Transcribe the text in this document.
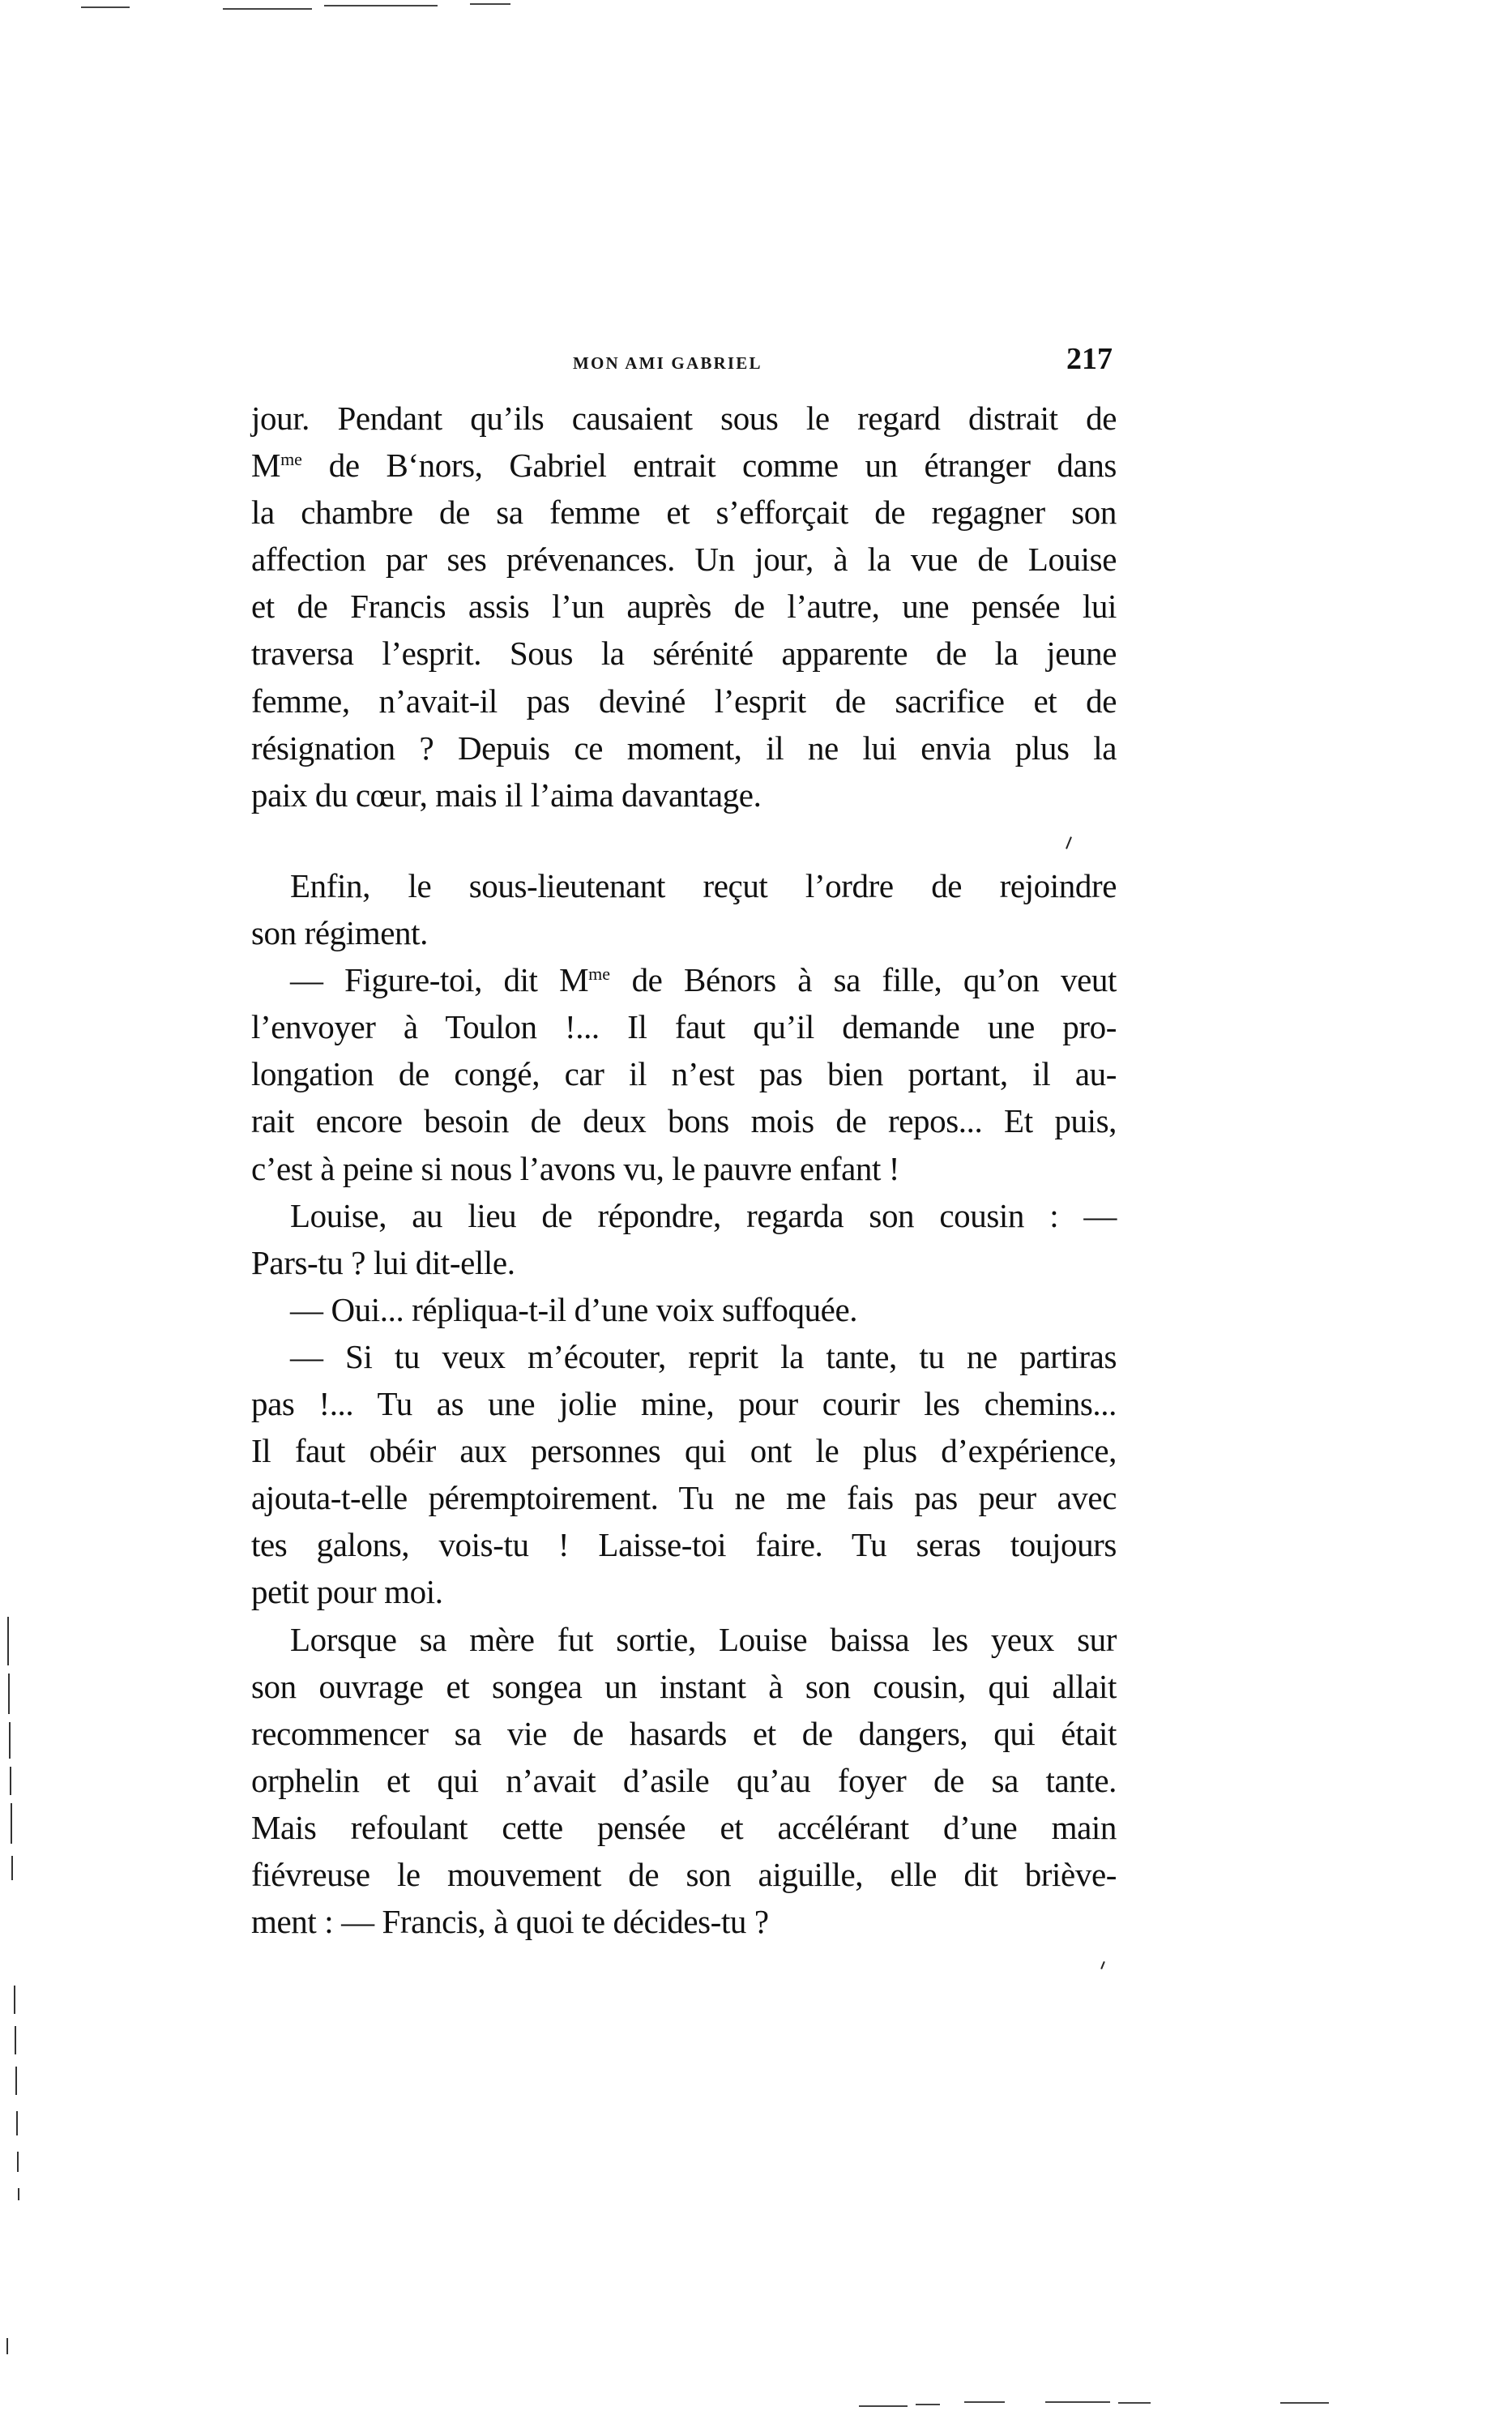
MON AMI GABRIEL	217
jour. Pendant qu’ils causaient sous le regard distrait de
$M^{me}$ de B‘nors, Gabriel entrait comme un étranger dans
la chambre de sa femme et s’efforçait de regagner son
affection par ses prévenances. Un jour, à la vue de Louise
et de Francis assis l’un auprès de l’autre, une pensée lui
traversa l’esprit. Sous la sérénité apparente de la jeune
femme, n’avait-il pas deviné l’esprit de sacrifice et de
résignation ? Depuis ce moment, il ne lui envia plus la
paix du cœur, mais il l’aima davantage.
Enfin, le sous-lieutenant reçut l’ordre de rejoindre
son régiment.
— Figure-toi, dit $M^{me}$ de Bénors à sa fille, qu’on veut
l’envoyer à Toulon !... Il faut qu’il demande une pro-
longation de congé, car il n’est pas bien portant, il au-
rait encore besoin de deux bons mois de repos... Et puis,
c’est à peine si nous l’avons vu, le pauvre enfant !
Louise, au lieu de répondre, regarda son cousin : —
Pars-tu ? lui dit-elle.
— Oui... répliqua-t-il d’une voix suffoquée.
— Si tu veux m’écouter, reprit la tante, tu ne partiras
pas !... Tu as une jolie mine, pour courir les chemins...
Il faut obéir aux personnes qui ont le plus d’expérience,
ajouta-t-elle péremptoirement. Tu ne me fais pas peur avec
tes galons, vois-tu ! Laisse-toi faire. Tu seras toujours
petit pour moi.
Lorsque sa mère fut sortie, Louise baissa les yeux sur
son ouvrage et songea un instant à son cousin, qui allait
recommencer sa vie de hasards et de dangers, qui était
orphelin et qui n’avait d’asile qu’au foyer de sa tante.
Mais refoulant cette pensée et accélérant d’une main
fiévreuse le mouvement de son aiguille, elle dit briève-
ment : — Francis, à quoi te décides-tu ?
